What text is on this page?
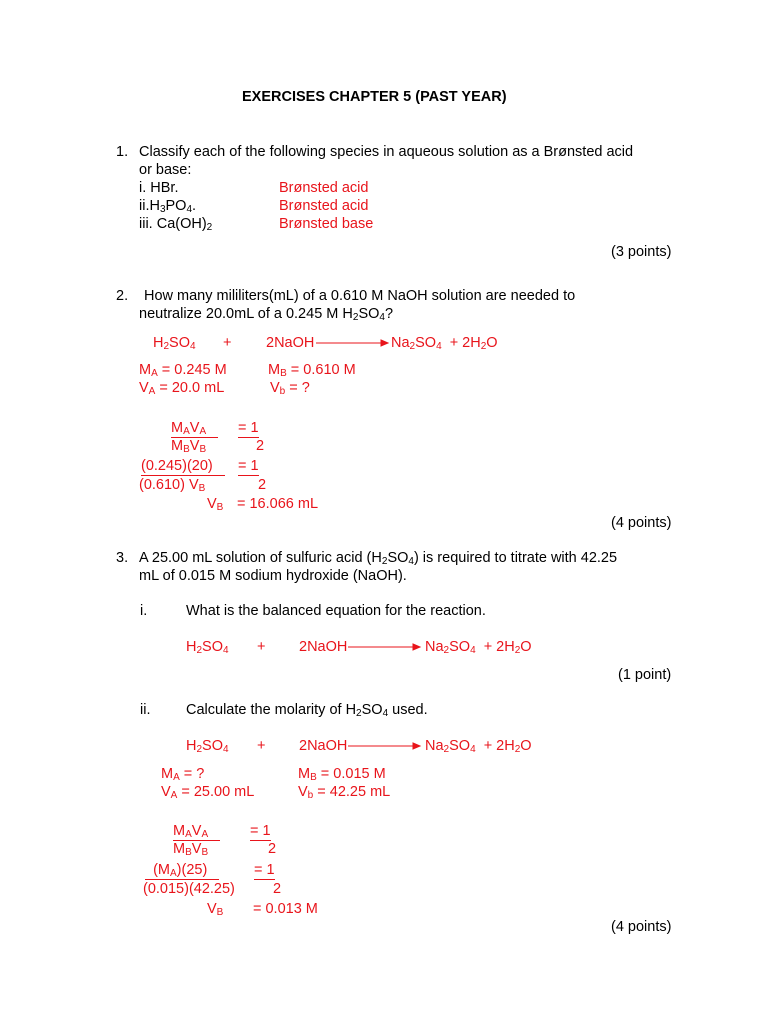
EXERCISES CHAPTER 5 (PAST YEAR)
1. Classify each of the following species in aqueous solution as a Brønsted acid
or base:
i. HBr.	Brønsted acid
$ii.H_3PO_4$.	Brønsted acid
iii. $Ca(OH)_2$	Brønsted base
(3 points)
2. How many mililiters(mL) of a 0.610 M NaOH solution are needed to
neutralize 20.0mL of a 0.245 M $H_2SO_4$?
$H_2SO_4$ + 2NaOH	$Na_2SO_4 + 2H_2O$
$M_A = 0.245$ M	$M_B = 0.610$ M
$V_A = 20.0$ mL	$V_b$ = ?
$M_AV_A$	= 1
$M_BV_B$	2
(0.245)(20)	= 1
(0.610) $V_B$	2
$V_B = 16.066$ mL
(4 points)
3. A 25.00 mL solution of sulfuric acid $(H_2SO_4)$ is required to titrate with 42.25
mL of 0.015 M sodium hydroxide (NaOH).
i.	What is the balanced equation for the reaction.
$H_2SO_4$ + 2NaOH	$Na_2SO_4 + 2H_2O$
(1 point)
ii. Calculate the molarity of $H_2SO_4$ used.
$H_2SO_4$ + 2NaOH	$Na_2SO_4 + 2H_2O$
$M_A$ = ?	$M_B = 0.015$ M
$V_A = 25.00$ mL	$V_b = 42.25$ mL
$M_AV_A$	= 1
$M_BV_B$	2
$(M_A)(25)$	= 1
(0.015)(42.25)	2
$V_B = 0.013$ M
(4 points)
